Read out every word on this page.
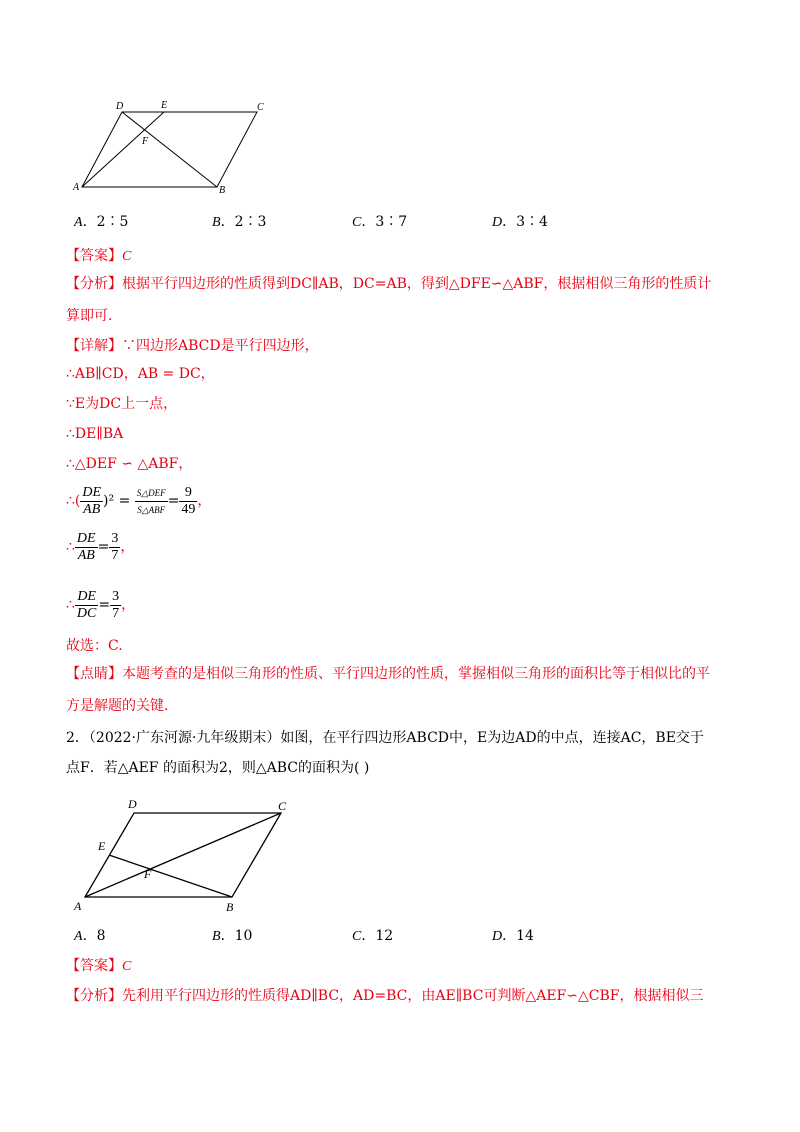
D	E	C
F
A	B
A．2∶5	B．2∶3	C．3∶7	D．3∶4
【答案】C
【分析】根据平行四边形的性质得到DC∥AB，DC=AB，得到△DFE∽△ABF，根据相似三角形的性质计
算即可.
【详解】∵四边形ABCD是平行四边形，
∴AB∥CD，AB = DC，
∵E为DC上一点，
∴DE∥BA
∴△DEF ∽ △ABF，
∴( $\frac{DE}{AB} )^2 = \frac{\text{S△DEF}}{\text{S△ABF}} = \frac{9}{49}$ ，
∴ $\frac{DE}{AB} = \frac{3}{7}$ ，
∴ $\frac{DE}{DC} = \frac{3}{7}$ ，
故选：C.
【点睛】本题考查的是相似三角形的性质、平行四边形的性质，掌握相似三角形的面积比等于相似比的平
方是解题的关键.
2．（2022·广东河源·九年级期末）如图，在平行四边形ABCD中，E为边AD的中点，连接AC，BE交于
点F．若△AEF 的面积为2，则△ABC的面积为( )
D	C
E
F
A	B
A．8	B．10	C．12	D．14
【答案】C
【分析】先利用平行四边形的性质得AD∥BC，AD=BC，由AE∥BC可判断△AEF∽△CBF，根据相似三
